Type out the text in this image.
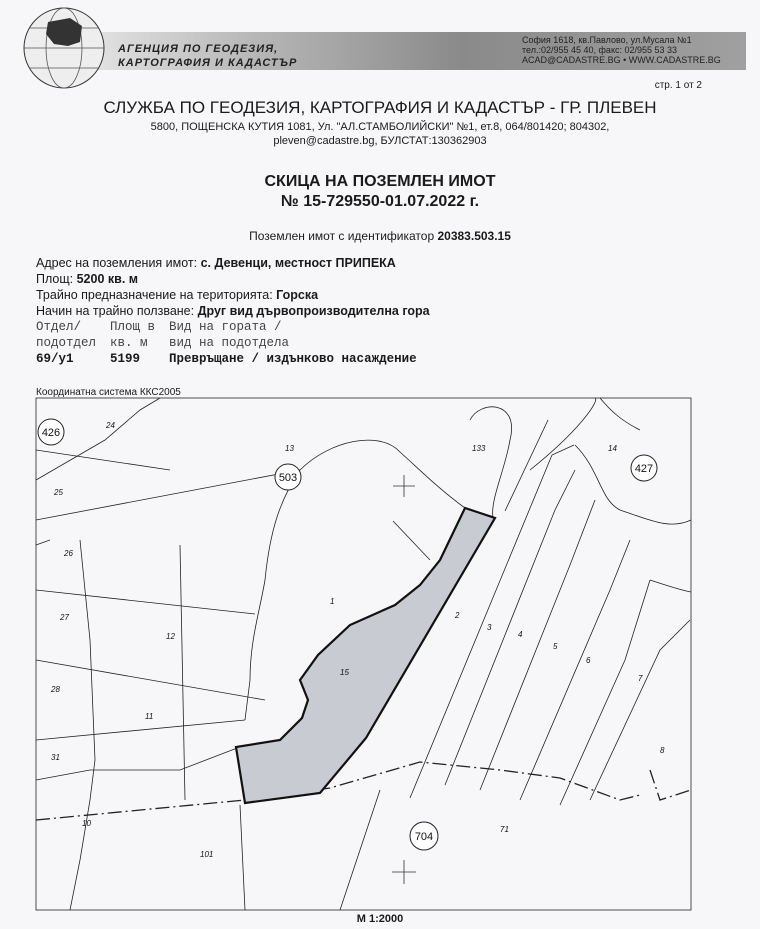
АГЕНЦИЯ ПО ГЕОДЕЗИЯ,
КАРТОГРАФИЯ И КАДАСТЪР
София 1618, кв.Павлово, ул.Мусала №1
тел.:02/955 45 40, факс: 02/955 53 33
ACAD@CADASTRE.BG • WWW.CADASTRE.BG
стр. 1 от 2
СЛУЖБА ПО ГЕОДЕЗИЯ, КАРТОГРАФИЯ И КАДАСТЪР - ГР. ПЛЕВЕН
5800, ПОЩЕНСКА КУТИЯ 1081, Ул. "АЛ.СТАМБОЛИЙСКИ" №1, ет.8, 064/801420; 804302,
pleven@cadastre.bg, БУЛСТАТ:130362903
СКИЦА НА ПОЗЕМЛЕН ИМОТ
№ 15-729550-01.07.2022 г.
Поземлен имот с идентификатор 20383.503.15
Адрес на поземления имот: с. Девенци, местност ПРИПЕКА
Площ: 5200 кв. м
Трайно предназначение на територията: Горска
Начин на трайно ползване: Друг вид дървопроизводителна гора
Отдел/
подотдел	Площ в
кв. м	Вид на гората /
вид на подотдела
69/у1	5199	Превръщане / издънково насаждение
Координатна система ККС2005
426
503
427
704
24
13	133	14
25
26
1
2
3
4
5
6
7
8
27
12
15
28
11
31
10
71
101
М 1:2000
